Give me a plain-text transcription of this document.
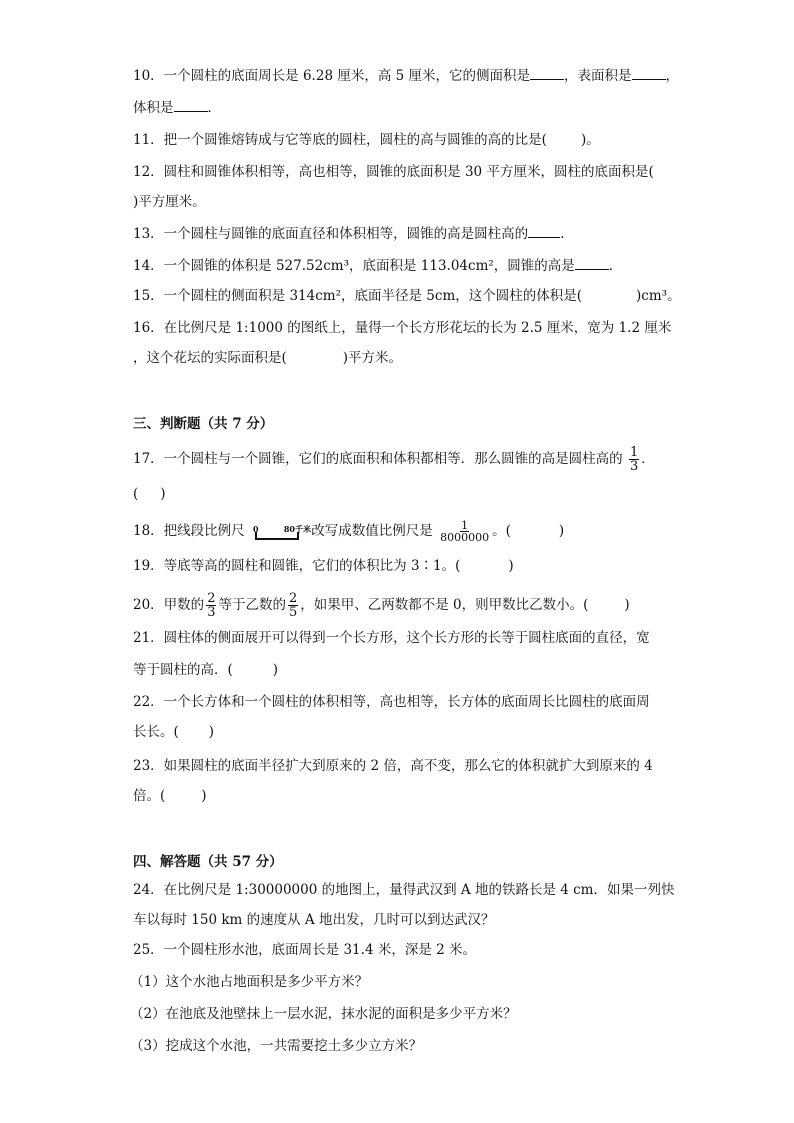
10．一个圆柱的底面周长是 6.28 厘米，高 5 厘米，它的侧面积是	，表面积是	，
体积是	．
11．把一个圆锥熔铸成与它等底的圆柱，圆柱的高与圆锥的高的比是(	)。
12．圆柱和圆锥体积相等，高也相等，圆锥的底面积是 30 平方厘米，圆柱的底面积是(
)平方厘米。
13．一个圆柱与圆锥的底面直径和体积相等，圆锥的高是圆柱高的 ．
14．一个圆锥的体积是 527.52cm³，底面积是 113.04cm²，圆锥的高是	．
15．一个圆柱的侧面积是 314cm²，底面半径是 5cm，这个圆柱的体积是(	)cm³。
16．在比例尺是 1:1000 的图纸上，量得一个长方形花坛的长为 2.5 厘米，宽为 1.2 厘米
，这个花坛的实际面积是(	)平方米。
三、判断题（共 7 分）
17．一个圆柱与一个圆锥，它们的底面积和体积都相等．那么圆锥的高是圆柱高的 $\frac{1}{3}$ ．
( )
18．把线段比例尺 0	80千米 改写成数值比例尺是 $\frac{1}{8000000}$ 。(	)
19．等底等高的圆柱和圆锥，它们的体积比为 3∶1。(	)
20．甲数的 $\frac{2}{3}$ 等于乙数的 $\frac{2}{5}$ ，如果甲、乙两数都不是 0，则甲数比乙数小。(	)
21．圆柱体的侧面展开可以得到一个长方形，这个长方形的长等于圆柱底面的直径，宽
等于圆柱的高．(	)
22．一个长方体和一个圆柱的体积相等，高也相等，长方体的底面周长比圆柱的底面周
长长。( )
23．如果圆柱的底面半径扩大到原来的 2 倍，高不变，那么它的体积就扩大到原来的 4
倍。(	)
四、解答题（共 57 分）
24．在比例尺是 1:30000000 的地图上，量得武汉到 A 地的铁路长是 4 cm．如果一列快
车以每时 150 km 的速度从 A 地出发，几时可以到达武汉？
25．一个圆柱形水池，底面周长是 31.4 米，深是 2 米。
（1）这个水池占地面积是多少平方米？
（2）在池底及池壁抹上一层水泥，抹水泥的面积是多少平方米？
（3）挖成这个水池，一共需要挖土多少立方米？
